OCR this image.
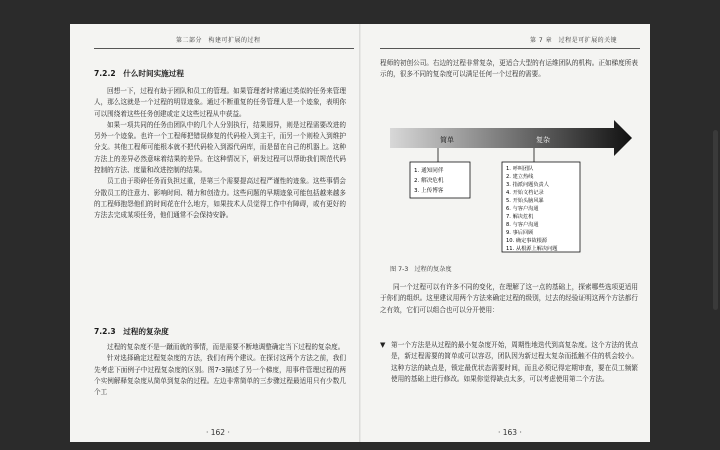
第二部分　构建可扩展的过程
7.2.2　什么时间实施过程

回想一下，过程有助于团队和员工的管理。如果管理者时常通过类似的任务来管理人，那么这就是一个过程的明显迹象。通过不断重复的任务管理人是一个迹象，表明你可以围绕着这些任务创建或定义这些过程从中获益。

如果一项共同的任务由团队中的几个人分别执行，结果迥异，则是过程需要改进的另外一个迹象。也许一个工程师把错误修复的代码检入到主干，而另一个则检入到维护分支。其他工程师可能根本就不把代码检入到源代码库，而是留在自己的机器上。这种方法上的差异必然意味着结果的差异。在这种情况下，研发过程可以帮助我们规范代码控制的方法、度量和改进控制的结果。

员工由于琐碎任务而负担过重，是第三个需要提高过程严谨性的迹象。这些事情会分散员工的注意力、影响时间、精力和创造力。这些问题的早期迹象可能包括越来越多的工程师抱怨他们的时间花在什么地方，如果技术人员觉得工作中有障碍，或有更好的方法去完成某项任务，他们通常不会保持安静。

7.2.3　过程的复杂度

过程的复杂度不是一蹴而就的事情，而是需要不断地调整确定当下过程的复杂度。

针对选择确定过程复杂度的方法，我们有两个建议。在探讨这两个方法之前，我们先考虑下面例子中过程复杂度的区别。图7-3描述了另一个梯度，用事件管理过程的两个实例解释复杂度从简单到复杂的过程。左边非常简单的三步骤过程最适用只有少数几个工

· 162 ·
第 7 章　过程是可扩展的关键

程师的初创公司。右边的过程非常复杂，更适合大型的有运维团队的机构。正如梯度所表示的，很多不同的复杂度可以满足任何一个过程的需要。

简单	复杂
1. 通知同伴
2. 解决危机
3. 上传博客
1. 呼叫团队
2. 建立热线
3. 指派问题负责人
4. 开始文档记录
5. 开始头脑风暴
6. 与客户沟通
7. 解决危机
8. 与客户沟通
9. 事后回顾
10. 确定事故根源
11. 从根源上解决问题
图 7-3　过程的复杂度

同一个过程可以有许多不同的变化，在理解了这一点的基础上，探索哪些选项更适用于你们的组织。这里建议用两个方法来确定过程的级别，过去的经验证明这两个方法都行之有效，它们可以组合也可以分开使用：

▼ 第一个方法是从过程的最小复杂度开始，周期性地迭代到高复杂度。这个方法的优点是，新过程需要的简单或可以容忍，团队因为新过程太复杂而抵触不住的机会较小。这种方法的缺点是，锁定最优状态需要时间，而且必须记得定期审查，要在员工频繁使用的基础上进行修改。如果你觉得缺点太多，可以考虑使用第二个方法。

· 163 ·
